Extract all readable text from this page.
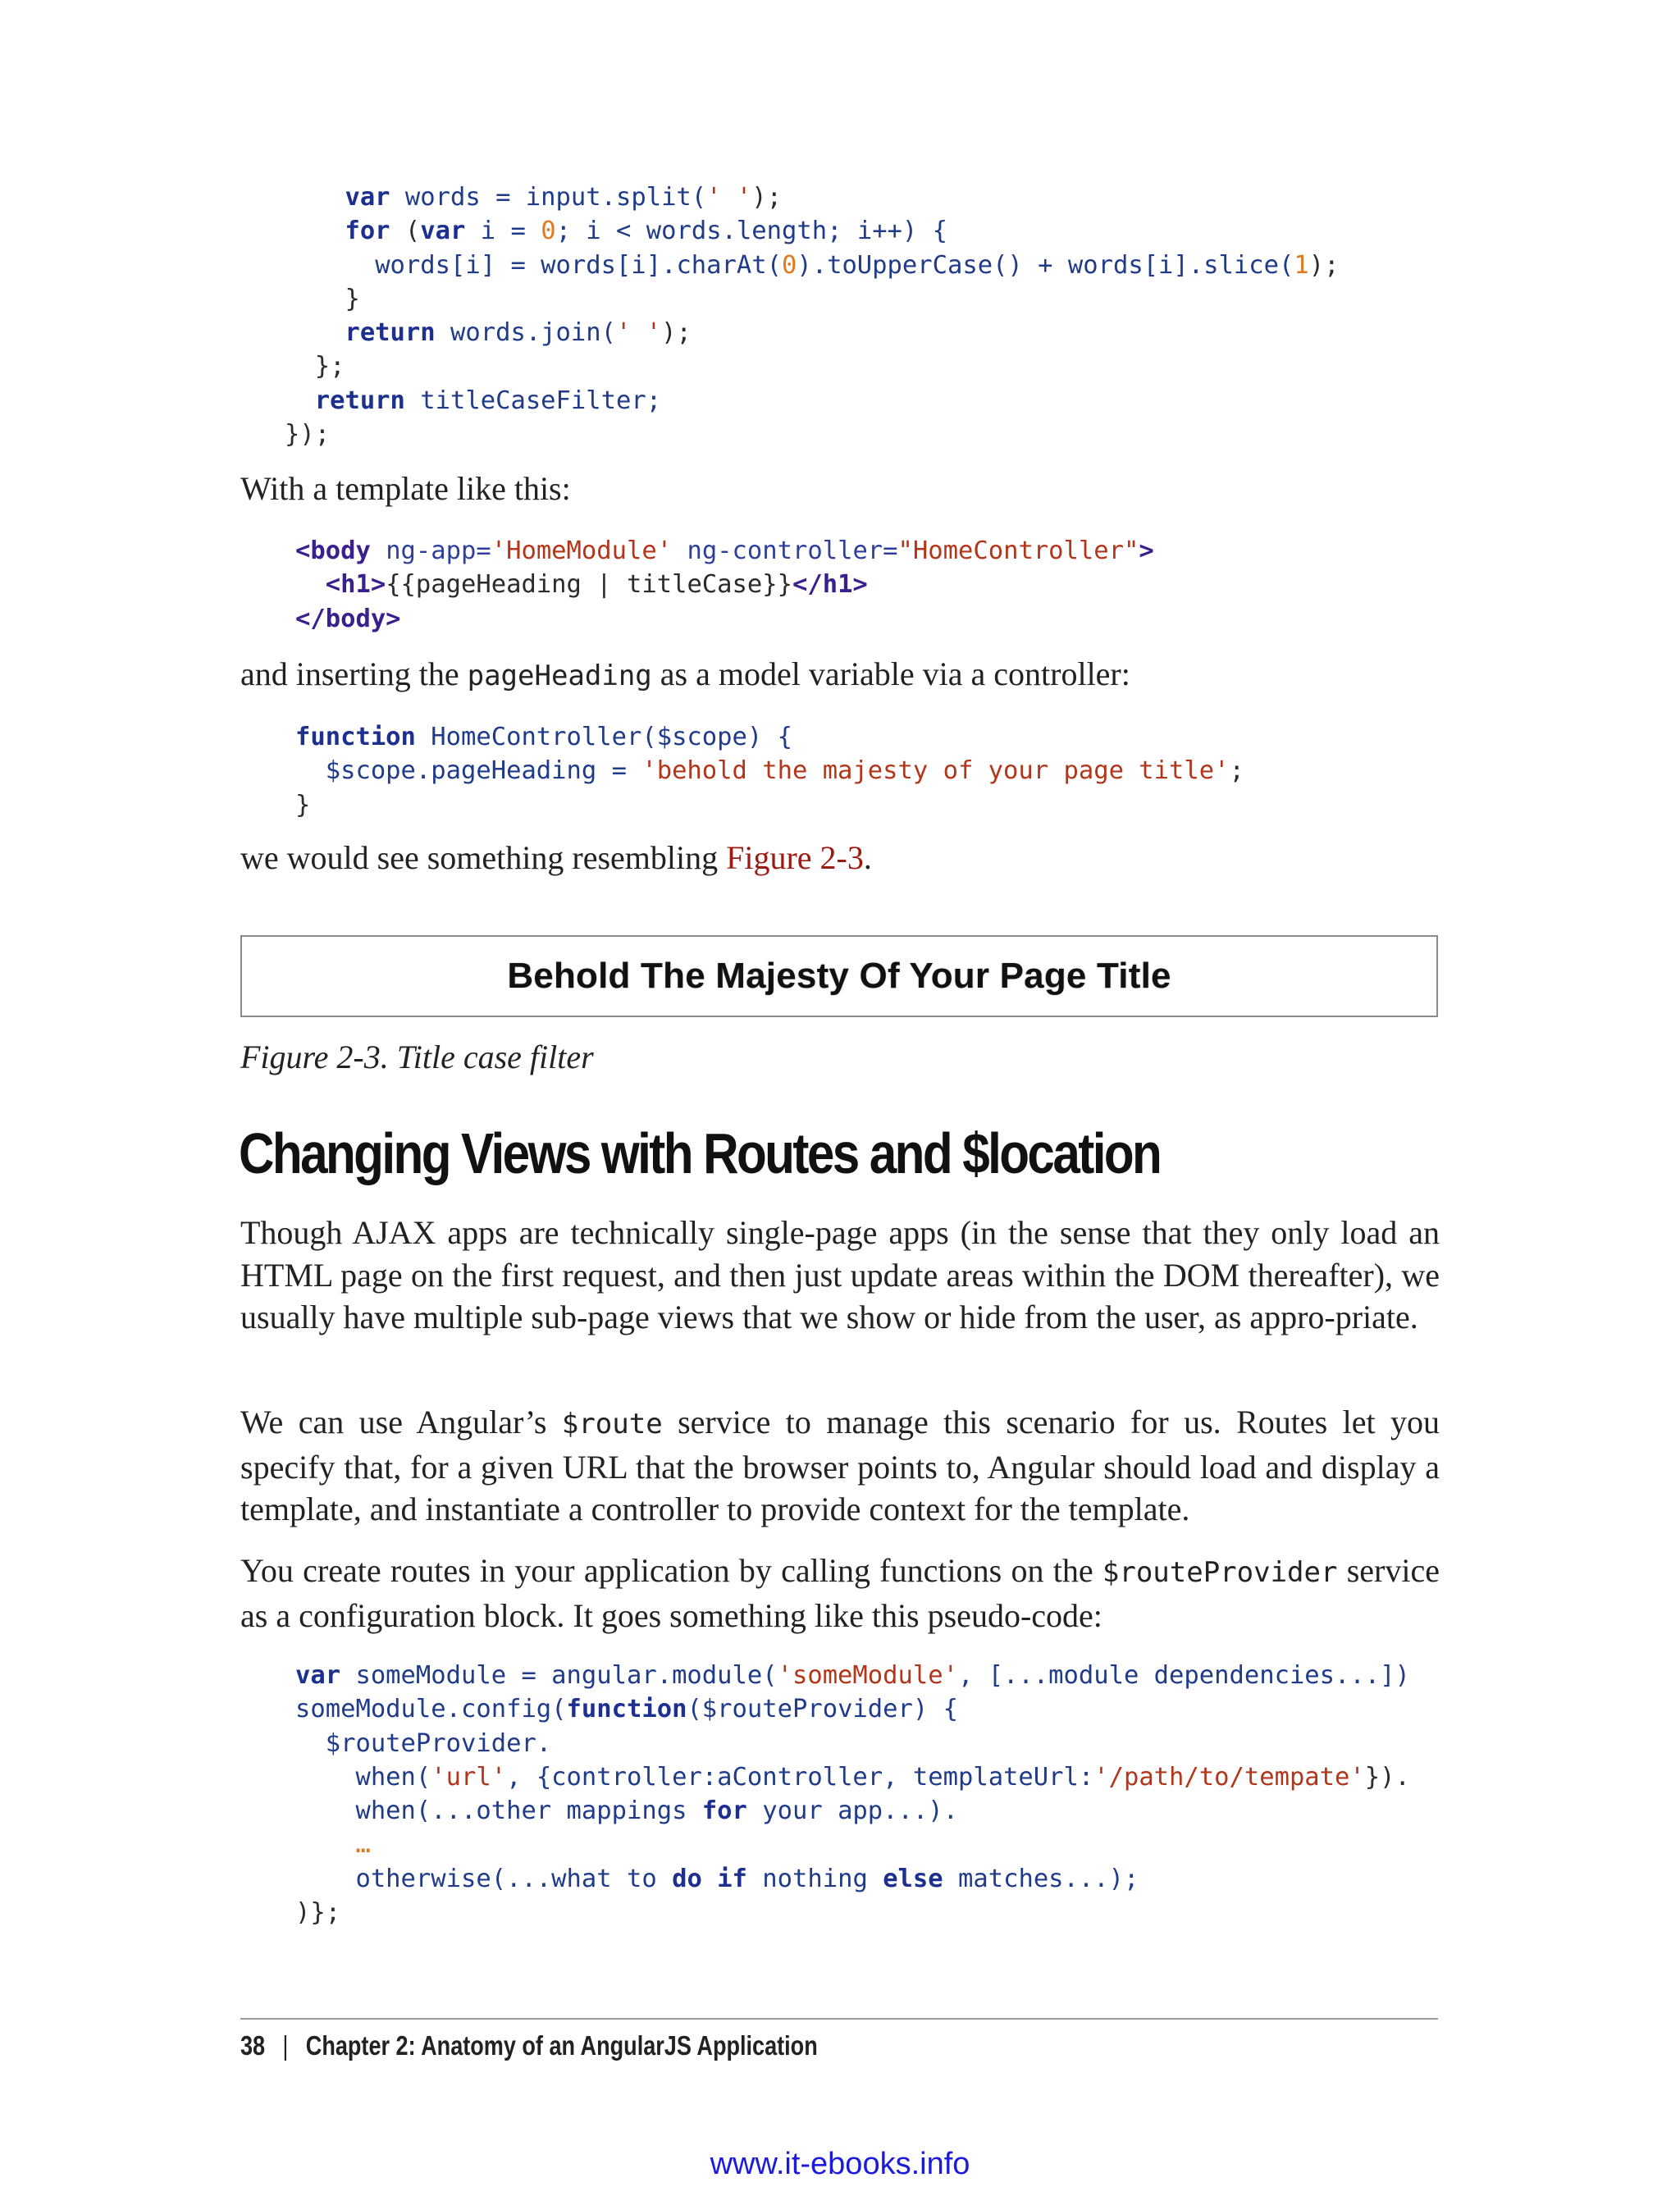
var words = input.split(' ');
for (var i = 0; i < words.length; i++) {
words[i] = words[i].charAt(0).toUpperCase() + words[i].slice(1);
}
return words.join(' ');
};
return titleCaseFilter;
});

With a template like this:

<body ng-app='HomeModule' ng-controller="HomeController">
<h1>{{pageHeading | titleCase}}</h1>
</body>

and inserting the pageHeading as a model variable via a controller:

function HomeController($scope) {
$scope.pageHeading = 'behold the majesty of your page title';
}

we would see something resembling Figure 2-3.

Behold The Majesty Of Your Page Title

Figure 2-3. Title case filter

Changing Views with Routes and $location

Though AJAX apps are technically single-page apps (in the sense that they only load an HTML page on the first request, and then just update areas within the DOM thereafter), we usually have multiple sub-page views that we show or hide from the user, as appro-priate.

We can use Angular’s $route service to manage this scenario for us. Routes let you specify that, for a given URL that the browser points to, Angular should load and display a template, and instantiate a controller to provide context for the template.

You create routes in your application by calling functions on the $routeProvider service as a configuration block. It goes something like this pseudo-code:

var someModule = angular.module('someModule', [...module dependencies...])
someModule.config(function($routeProvider) {
$routeProvider.
when('url', {controller:aController, templateUrl:'/path/to/tempate'}).
when(...other mappings for your app...).
…
otherwise(...what to do if nothing else matches...);
)};

38 | Chapter 2: Anatomy of an AngularJS Application

www.it-ebooks.info
